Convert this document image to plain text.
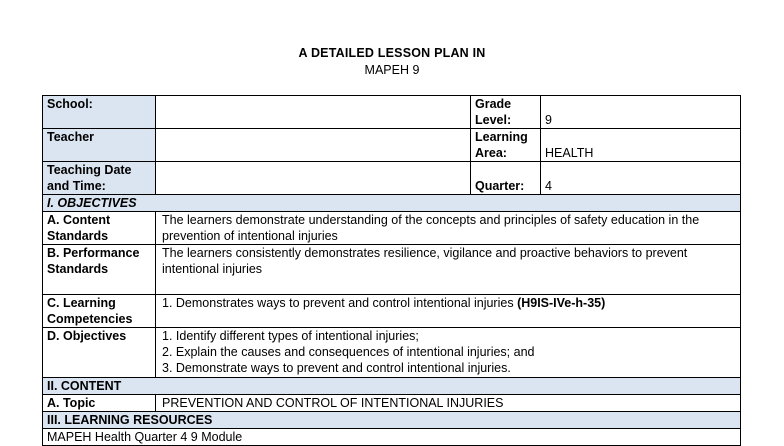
A DETAILED LESSON PLAN IN
MAPEH 9
School:		Grade Level:	9
Teacher		Learning Area:	HEALTH
Teaching Date and Time:		Quarter:	4
I. OBJECTIVES			
A. Content Standards	The learners demonstrate understanding of the concepts and principles of safety education in the prevention of intentional injuries		
B. Performance Standards	The learners consistently demonstrates resilience, vigilance and proactive behaviors to prevent intentional injuries		
C. Learning Competencies	1. Demonstrates ways to prevent and control intentional injuries (H9IS-IVe-h-35)		
D. Objectives	1. Identify different types of intentional injuries;
2. Explain the causes and consequences of intentional injuries; and
3. Demonstrate ways to prevent and control intentional injuries.		

II. CONTENT			
A. Topic	PREVENTION AND CONTROL OF INTENTIONAL INJURIES		
III. LEARNING RESOURCES			
MAPEH Health Quarter 4 9 Module			
